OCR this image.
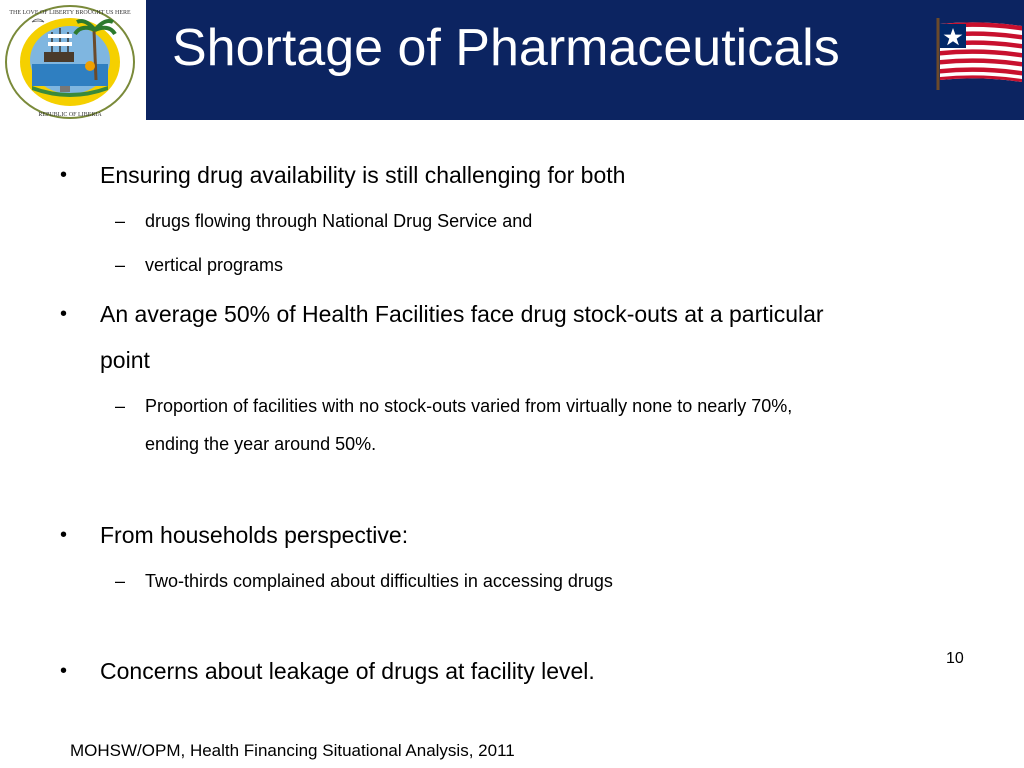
THE LOVE OF LIBERTY BROUGHT US HERE
REPUBLIC OF LIBERIA
Shortage of Pharmaceuticals
• Ensuring drug availability is still challenging for both
– drugs flowing through National Drug Service and
– vertical programs
• An average 50% of Health Facilities face drug stock-outs at a particular
point
– Proportion of facilities with no stock-outs varied from virtually none to nearly 70%,
ending the year around 50%.
• From households perspective:
– Two-thirds complained about difficulties in accessing drugs
• Concerns about leakage of drugs at facility level.	10
MOHSW/OPM, Health Financing Situational Analysis, 2011
